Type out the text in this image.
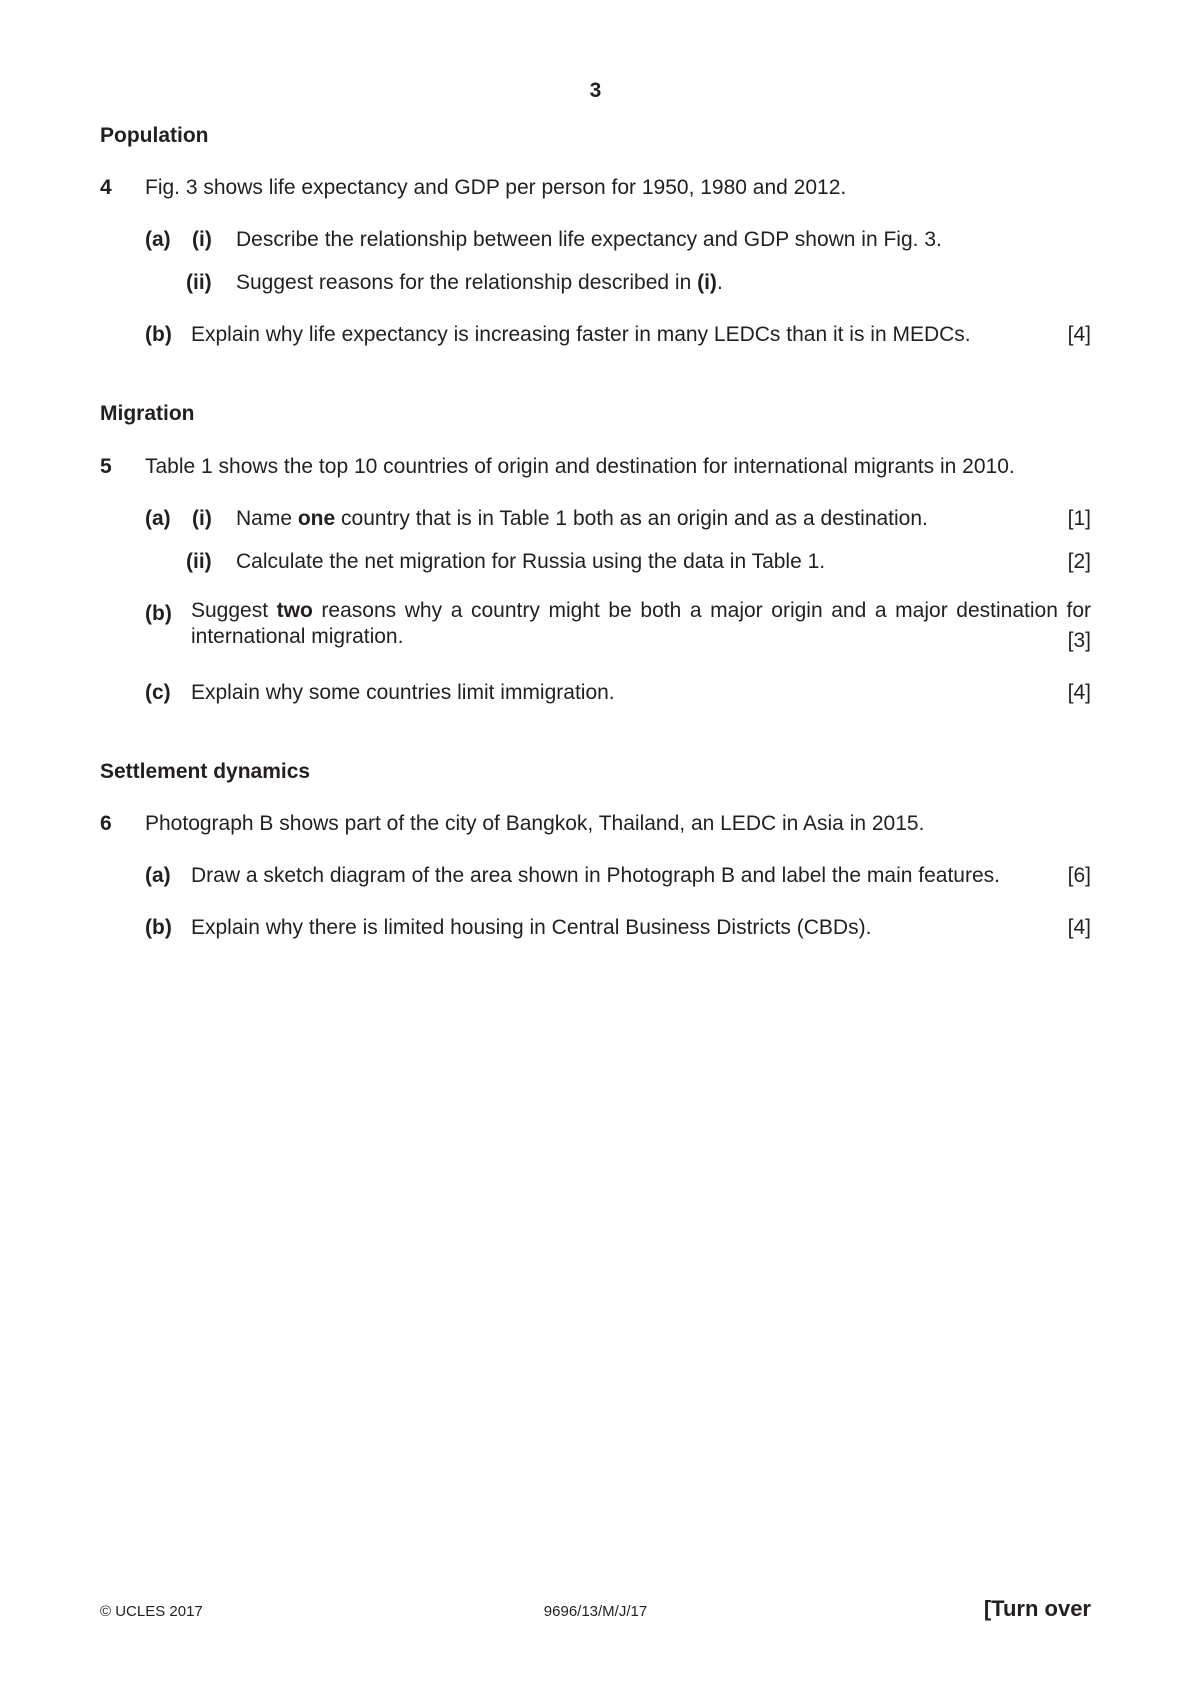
3
Population
4 Fig. 3 shows life expectancy and GDP per person for 1950, 1980 and 2012.
(a) (i) Describe the relationship between life expectancy and GDP shown in Fig. 3.
(ii) Suggest reasons for the relationship described in (i).
(b) Explain why life expectancy is increasing faster in many LEDCs than it is in MEDCs.	[4]
Migration
5 Table 1 shows the top 10 countries of origin and destination for international migrants in 2010.
(a) (i) Name one country that is in Table 1 both as an origin and as a destination.	[1]
(ii) Calculate the net migration for Russia using the data in Table 1.	[2]
(b) Suggest two reasons why a country might be both a major origin and a major destination for international migration.	[3]
(c) Explain why some countries limit immigration.	[4]
Settlement dynamics
6 Photograph B shows part of the city of Bangkok, Thailand, an LEDC in Asia in 2015.
(a) Draw a sketch diagram of the area shown in Photograph B and label the main features.	[6]
(b) Explain why there is limited housing in Central Business Districts (CBDs).	[4]
© UCLES 2017	9696/13/M/J/17	[Turn over
